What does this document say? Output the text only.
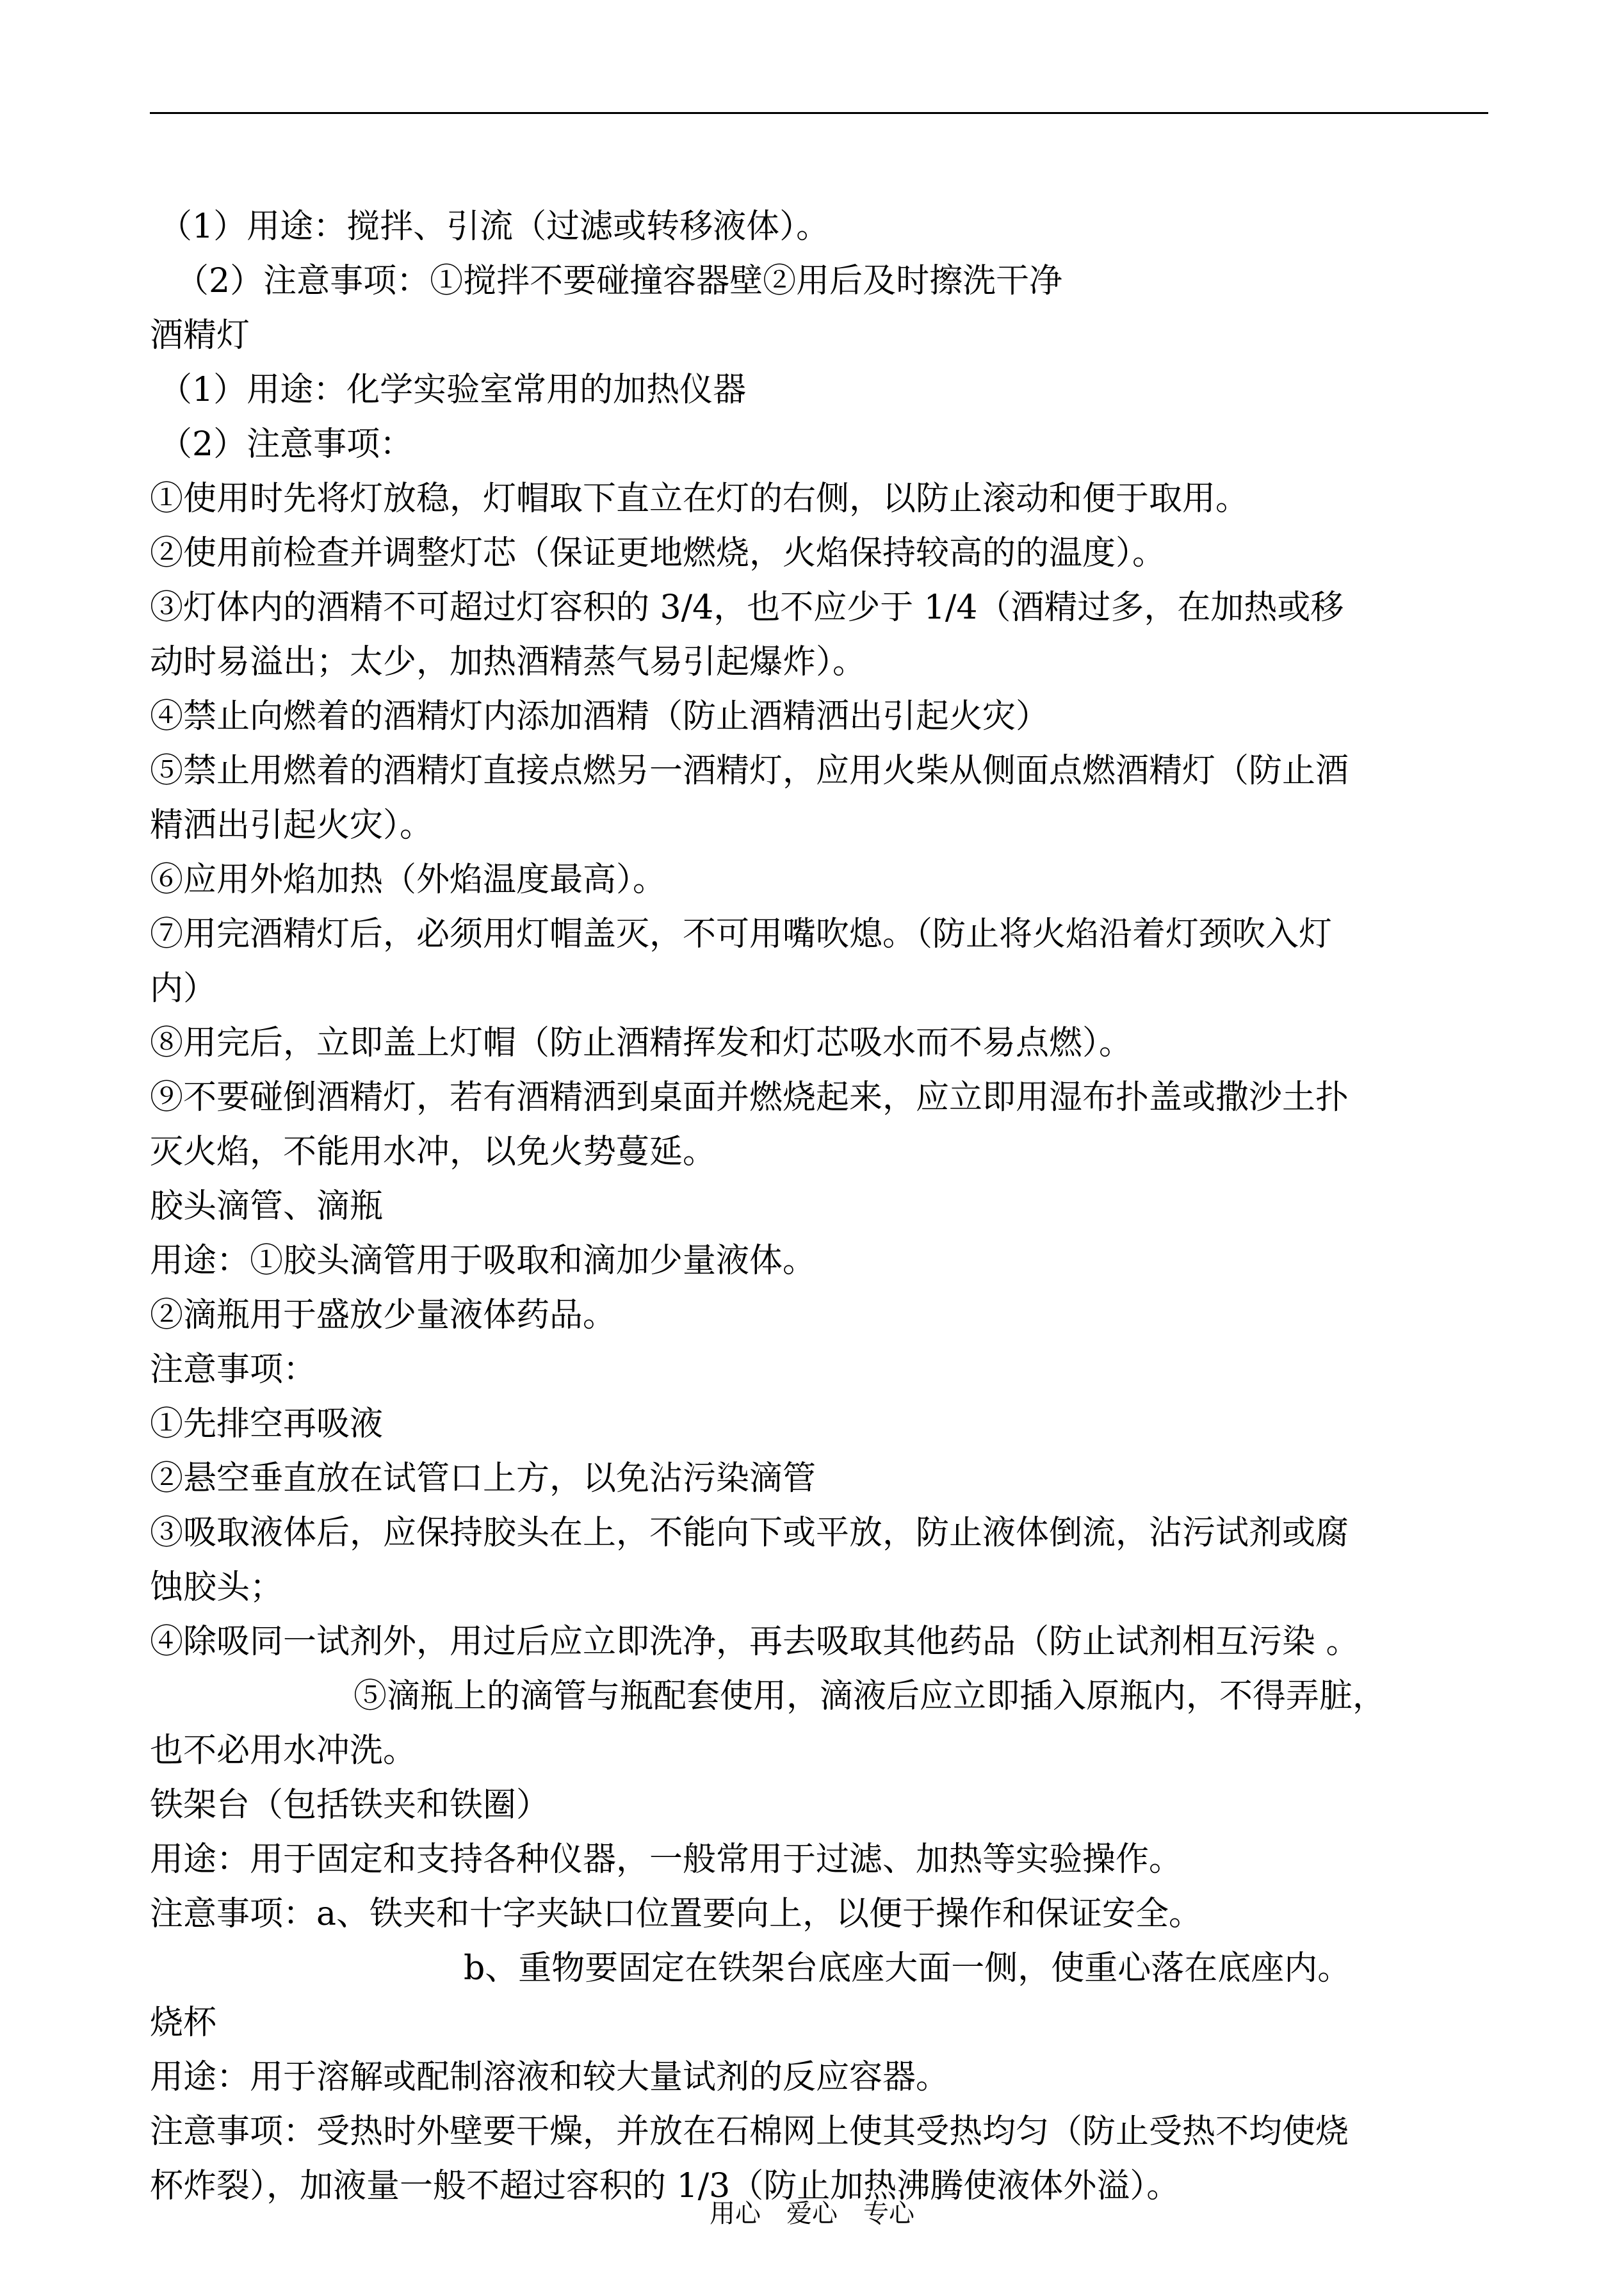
（1）用途：搅拌、引流（过滤或转移液体）。
（2）注意事项：①搅拌不要碰撞容器壁②用后及时擦洗干净
酒精灯
（1）用途：化学实验室常用的加热仪器
（2）注意事项：
①使用时先将灯放稳，灯帽取下直立在灯的右侧，以防止滚动和便于取用。
②使用前检查并调整灯芯（保证更地燃烧，火焰保持较高的的温度）。
③灯体内的酒精不可超过灯容积的 3/4，也不应少于 1/4（酒精过多，在加热或移
动时易溢出；太少，加热酒精蒸气易引起爆炸）。
④禁止向燃着的酒精灯内添加酒精（防止酒精洒出引起火灾）
⑤禁止用燃着的酒精灯直接点燃另一酒精灯，应用火柴从侧面点燃酒精灯（防止酒
精洒出引起火灾）。
⑥应用外焰加热（外焰温度最高）。
⑦用完酒精灯后，必须用灯帽盖灭，不可用嘴吹熄。（防止将火焰沿着灯颈吹入灯
内）
⑧用完后，立即盖上灯帽（防止酒精挥发和灯芯吸水而不易点燃）。
⑨不要碰倒酒精灯，若有酒精洒到桌面并燃烧起来，应立即用湿布扑盖或撒沙土扑
灭火焰，不能用水冲，以免火势蔓延。
胶头滴管、滴瓶
用途：①胶头滴管用于吸取和滴加少量液体。
②滴瓶用于盛放少量液体药品。
注意事项：
①先排空再吸液
②悬空垂直放在试管口上方，以免沾污染滴管
③吸取液体后，应保持胶头在上，不能向下或平放，防止液体倒流，沾污试剂或腐
蚀胶头；
④除吸同一试剂外，用过后应立即洗净，再去吸取其他药品（防止试剂相互污染 。
⑤滴瓶上的滴管与瓶配套使用，滴液后应立即插入原瓶内，不得弄脏，
也不必用水冲洗。
铁架台（包括铁夹和铁圈）
用途：用于固定和支持各种仪器，一般常用于过滤、加热等实验操作。
注意事项：a、铁夹和十字夹缺口位置要向上，以便于操作和保证安全。
b、重物要固定在铁架台底座大面一侧，使重心落在底座内。
烧杯
用途：用于溶解或配制溶液和较大量试剂的反应容器。
注意事项：受热时外壁要干燥，并放在石棉网上使其受热均匀（防止受热不均使烧
杯炸裂），加液量一般不超过容积的 1/3（防止加热沸腾使液体外溢）。
用心　爱心　专心
